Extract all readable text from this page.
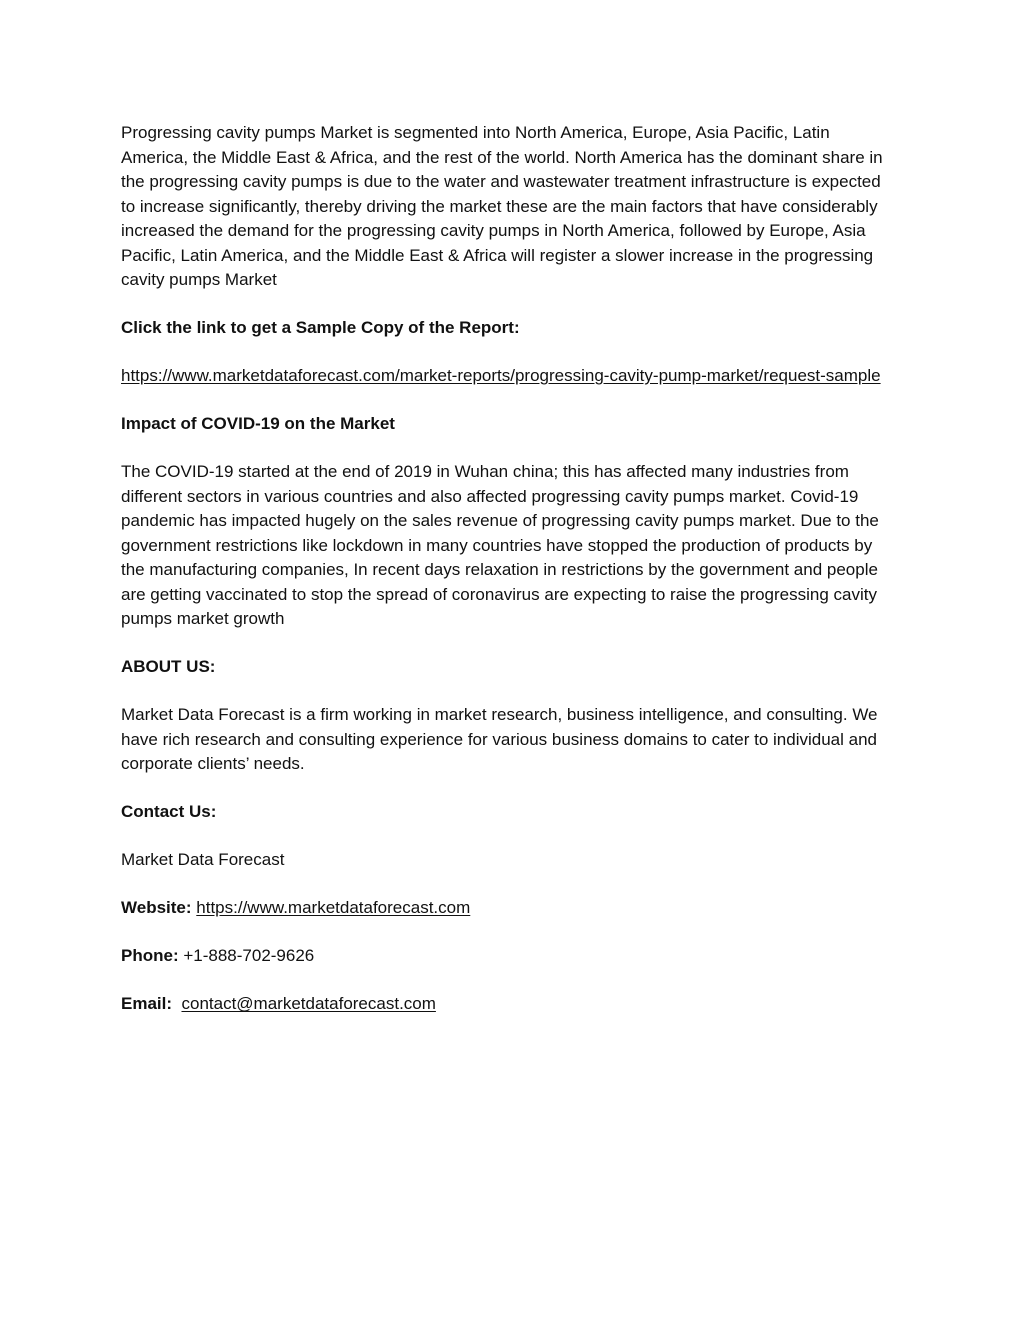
Progressing cavity pumps Market is segmented into North America, Europe, Asia Pacific, Latin America, the Middle East & Africa, and the rest of the world. North America has the dominant share in the progressing cavity pumps is due to the water and wastewater treatment infrastructure is expected to increase significantly, thereby driving the market these are the main factors that have considerably increased the demand for the progressing cavity pumps in North America, followed by Europe, Asia Pacific, Latin America, and the Middle East & Africa will register a slower increase in the progressing cavity pumps Market

Click the link to get a Sample Copy of the Report:

https://www.marketdataforecast.com/market-reports/progressing-cavity-pump-market/request-sample

Impact of COVID-19 on the Market

The COVID-19 started at the end of 2019 in Wuhan china; this has affected many industries from different sectors in various countries and also affected progressing cavity pumps market. Covid-19 pandemic has impacted hugely on the sales revenue of progressing cavity pumps market. Due to the government restrictions like lockdown in many countries have stopped the production of products by the manufacturing companies, In recent days relaxation in restrictions by the government and people are getting vaccinated to stop the spread of coronavirus are expecting to raise the progressing cavity pumps market growth

ABOUT US:

Market Data Forecast is a firm working in market research, business intelligence, and consulting. We have rich research and consulting experience for various business domains to cater to individual and corporate clients’ needs.

Contact Us:

Market Data Forecast

Website: https://www.marketdataforecast.com

Phone: +1-888-702-9626

Email: contact@marketdataforecast.com
